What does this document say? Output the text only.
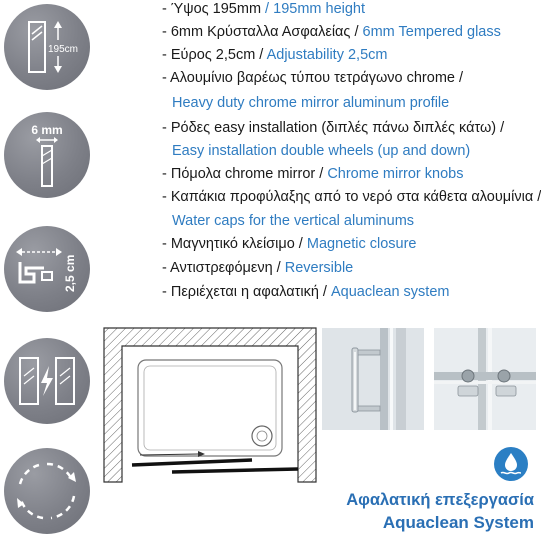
195cm
6 mm
2,5 cm
- Ύψος 195mm / 195mm height
- 6mm Κρύσταλλα Ασφαλείας / 6mm Tempered glass
- Εύρος 2,5cm / Adjustability 2,5cm
- Αλουμίνιο βαρέως τύπου τετράγωνο chrome /
Heavy duty chrome mirror aluminum profile
- Ρόδες easy installation (διπλές πάνω διπλές κάτω) /
Easy installation double wheels (up and down)
- Πόμολα chrome mirror / Chrome mirror knobs
- Καπάκια προφύλαξης από το νερό στα κάθετα αλουμίνια /
Water caps for the vertical aluminums
- Μαγνητικό κλείσιμο / Magnetic closure
- Αντιστρεφόμενη / Reversible
- Περιέχεται η αφαλατική / Aquaclean system
Αφαλατική επεξεργασία
Aquaclean System
